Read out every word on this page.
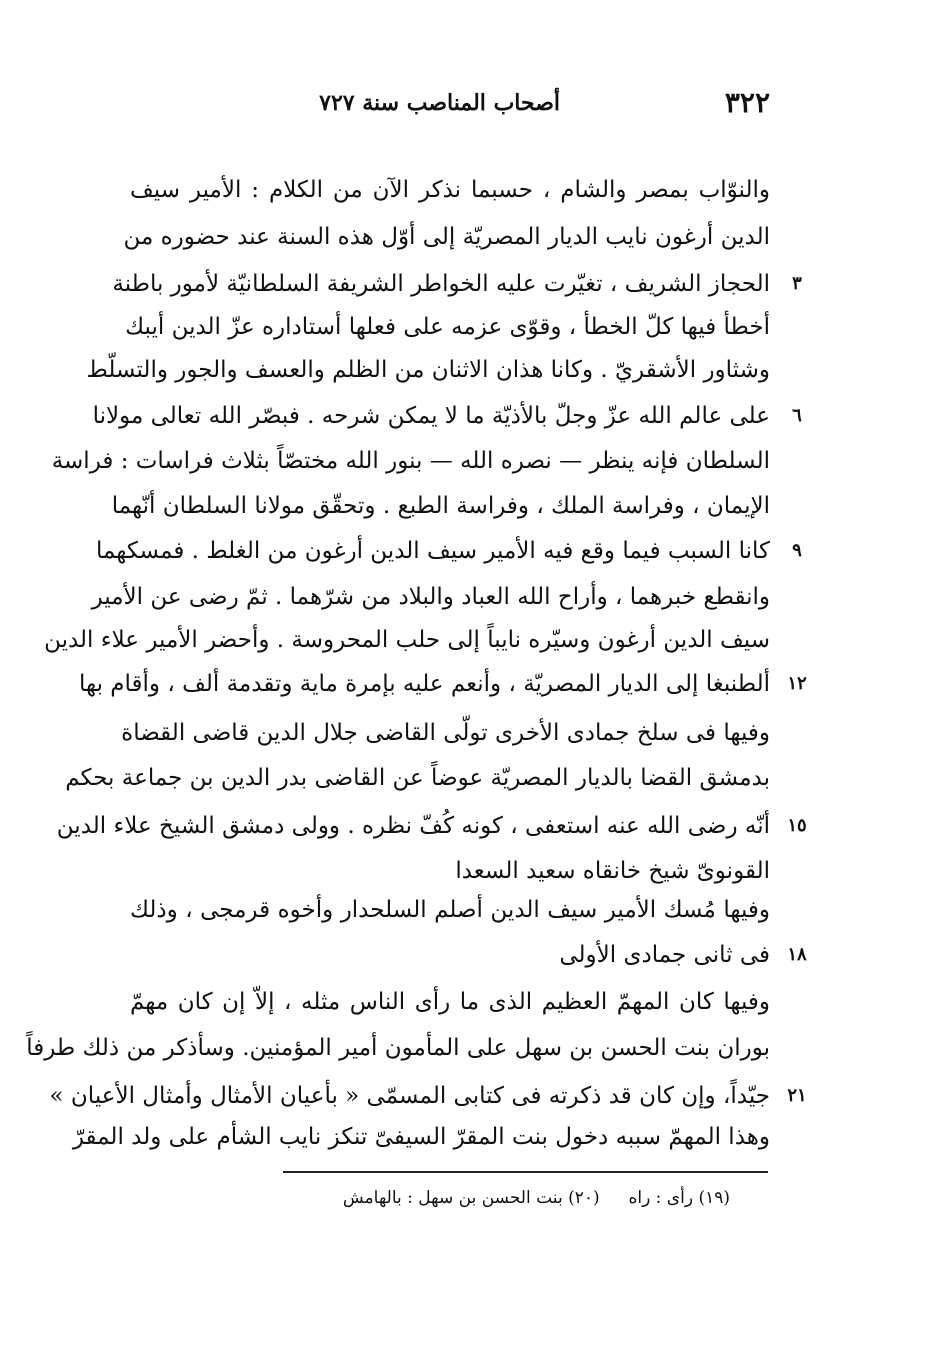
٣٢٢
أصحاب المناصب سنة ٧٢٧
والنوّاب بمصر والشام ، حسبما نذكر الآن من الكلام : الأمير سيف
الدين أرغون نايب الديار المصريّة إلى أوّل هذه السنة عند حضوره من
الحجاز الشريف ، تغيّرت عليه الخواطر الشريفة السلطانيّة لأمور باطنة
أخطأ فيها كلّ الخطأ ، وقوّى عزمه على فعلها أستاداره عزّ الدين أيبك
وشثاور الأشقريّ . وكانا هذان الاثنان من الظلم والعسف والجور والتسلّط
على عالم الله عزّ وجلّ بالأذيّة ما لا يمكن شرحه . فبصّر الله تعالى مولانا
السلطان فإنه ينظر — نصره الله — بنور الله مختصّاً بثلاث فراسات : فراسة
الإيمان ، وفراسة الملك ، وفراسة الطبع . وتحقّق مولانا السلطان أنّهما
كانا السبب فيما وقع فيه الأمير سيف الدين أرغون من الغلط . فمسكهما
وانقطع خبرهما ، وأراح الله العباد والبلاد من شرّهما . ثمّ رضى عن الأمير
سيف الدين أرغون وسيّره نايباً إلى حلب المحروسة . وأحضر الأمير علاء الدين
ألطنبغا إلى الديار المصريّة ، وأنعم عليه بإمرة ماية وتقدمة ألف ، وأقام بها
وفيها فى سلخ جمادى الأخرى تولّى القاضى جلال الدين قاضى القضاة
بدمشق القضا بالديار المصريّة عوضاً عن القاضى بدر الدين بن جماعة بحكم
أنّه رضى الله عنه استعفى ، كونه كُفّ نظره . وولى دمشق الشيخ علاء الدين
القونوىّ شيخ خانقاه سعيد السعدا
وفيها مُسك الأمير سيف الدين أصلم السلحدار وأخوه قرمجى ، وذلك
فى ثانى جمادى الأولى
وفيها كان المهمّ العظيم الذى ما رأى الناس مثله ، إلاّ إن كان مهمّ
بوران بنت الحسن بن سهل على المأمون أمير المؤمنين. وسأذكر من ذلك طرفاً
جيّداً، وإن كان قد ذكرته فى كتابى المسمّى « بأعيان الأمثال وأمثال الأعيان »
وهذا المهمّ سببه دخول بنت المقرّ السيفىّ تنكز نايب الشأم على ولد المقرّ
٣
٦
٩
١٢
١٥
١٨
٢١
(١٩) رأى : راه  (٢٠) بنت الحسن بن سهل : بالهامش
